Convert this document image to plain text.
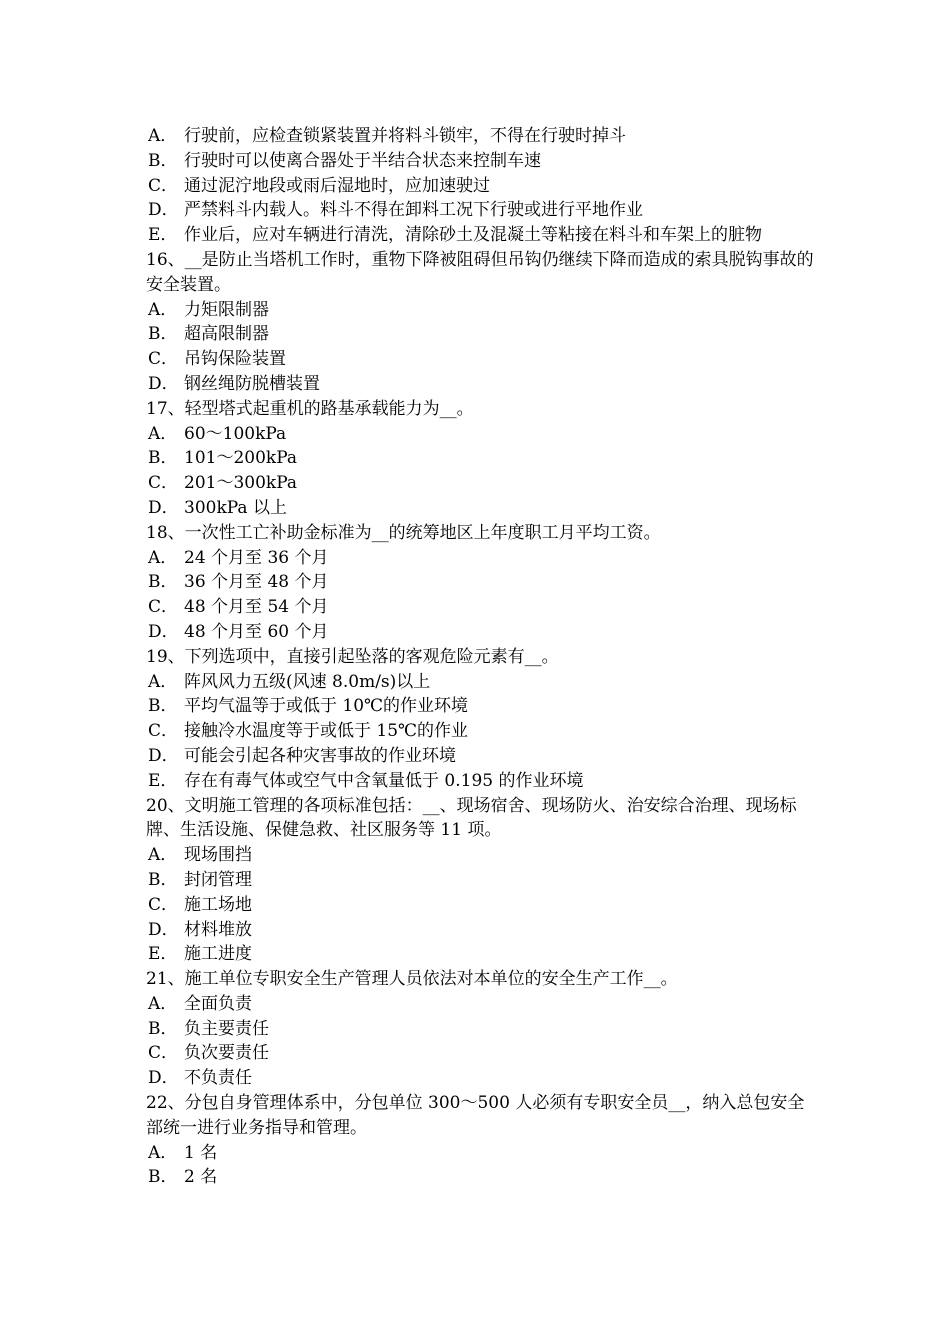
A． 行驶前，应检查锁紧装置并将料斗锁牢，不得在行驶时掉斗
B． 行驶时可以使离合器处于半结合状态来控制车速
C． 通过泥泞地段或雨后湿地时，应加速驶过
D． 严禁料斗内载人。料斗不得在卸料工况下行驶或进行平地作业
E． 作业后，应对车辆进行清洗，清除砂土及混凝土等粘接在料斗和车架上的脏物
16、__是防止当塔机工作时，重物下降被阻碍但吊钩仍继续下降而造成的索具脱钩事故的安全装置。
A． 力矩限制器
B． 超高限制器
C． 吊钩保险装置
D． 钢丝绳防脱槽装置
17、轻型塔式起重机的路基承载能力为__。
A． 60～100kPa
B． 101～200kPa
C． 201～300kPa
D． 300kPa 以上
18、一次性工亡补助金标准为__的统筹地区上年度职工月平均工资。
A． 24 个月至 36 个月
B． 36 个月至 48 个月
C． 48 个月至 54 个月
D． 48 个月至 60 个月
19、下列选项中，直接引起坠落的客观危险元素有__。
A． 阵风风力五级(风速 8.0m/s)以上
B． 平均气温等于或低于 10℃的作业环境
C． 接触冷水温度等于或低于 15℃的作业
D． 可能会引起各种灾害事故的作业环境
E． 存在有毒气体或空气中含氧量低于 0.195 的作业环境
20、文明施工管理的各项标准包括：__、现场宿舍、现场防火、治安综合治理、现场标牌、生活设施、保健急救、社区服务等 11 项。
A． 现场围挡
B． 封闭管理
C． 施工场地
D． 材料堆放
E． 施工进度
21、施工单位专职安全生产管理人员依法对本单位的安全生产工作__。
A． 全面负责
B． 负主要责任
C． 负次要责任
D． 不负责任
22、分包自身管理体系中，分包单位 300～500 人必须有专职安全员__，纳入总包安全部统一进行业务指导和管理。
A． 1 名
B． 2 名
